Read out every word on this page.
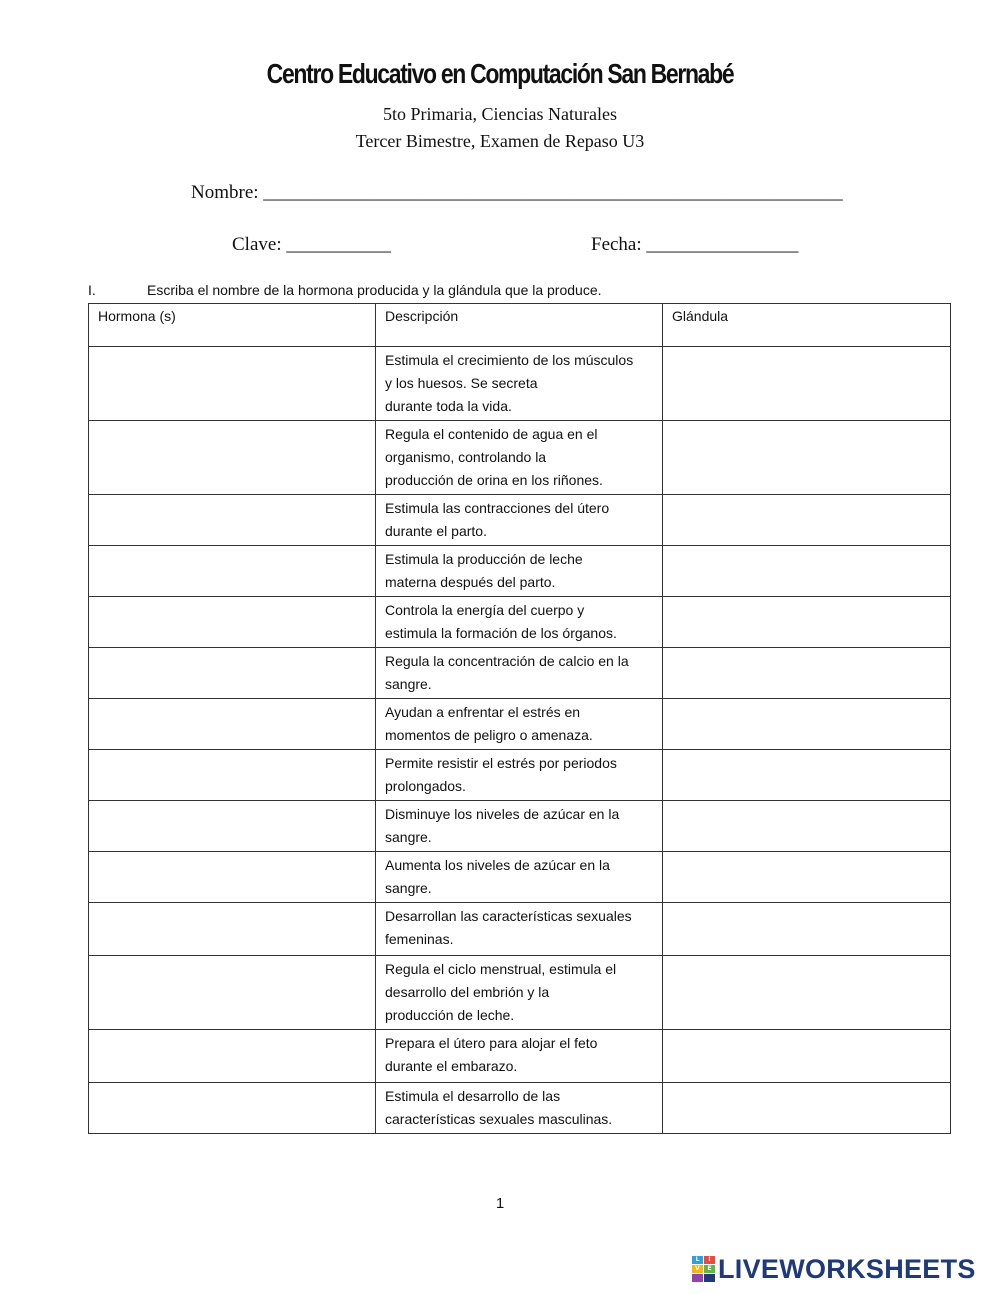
Centro Educativo en Computación San Bernabé
5to Primaria, Ciencias Naturales
Tercer Bimestre, Examen de Repaso U3
Nombre: _____________________________________________________________
Clave: ___________	Fecha: ________________
I.	Escriba el nombre de la hormona producida y la glándula que la produce.
Hormona (s)	Descripción	Glándula

	Estimula el crecimiento de los músculos
y los huesos. Se secreta
durante toda la vida.	

	Regula el contenido de agua en el
organismo, controlando la
producción de orina en los riñones.	

	Estimula las contracciones del útero
durante el parto.	

	Estimula la producción de leche
materna después del parto.	

	Controla la energía del cuerpo y
estimula la formación de los órganos.	

	Regula la concentración de calcio en la
sangre.	

	Ayudan a enfrentar el estrés en
momentos de peligro o amenaza.	

	Permite resistir el estrés por periodos
prolongados.	

	Disminuye los niveles de azúcar en la
sangre.	

	Aumenta los niveles de azúcar en la
sangre.	

	Desarrollan las características sexuales
femeninas.	

	Regula el ciclo menstrual, estimula el
desarrollo del embrión y la
producción de leche.	

	Prepara el útero para alojar el feto
durante el embarazo.	

	Estimula el desarrollo de las
características sexuales masculinas.	

1
L	I
V	E LIVEWORKSHEETS
